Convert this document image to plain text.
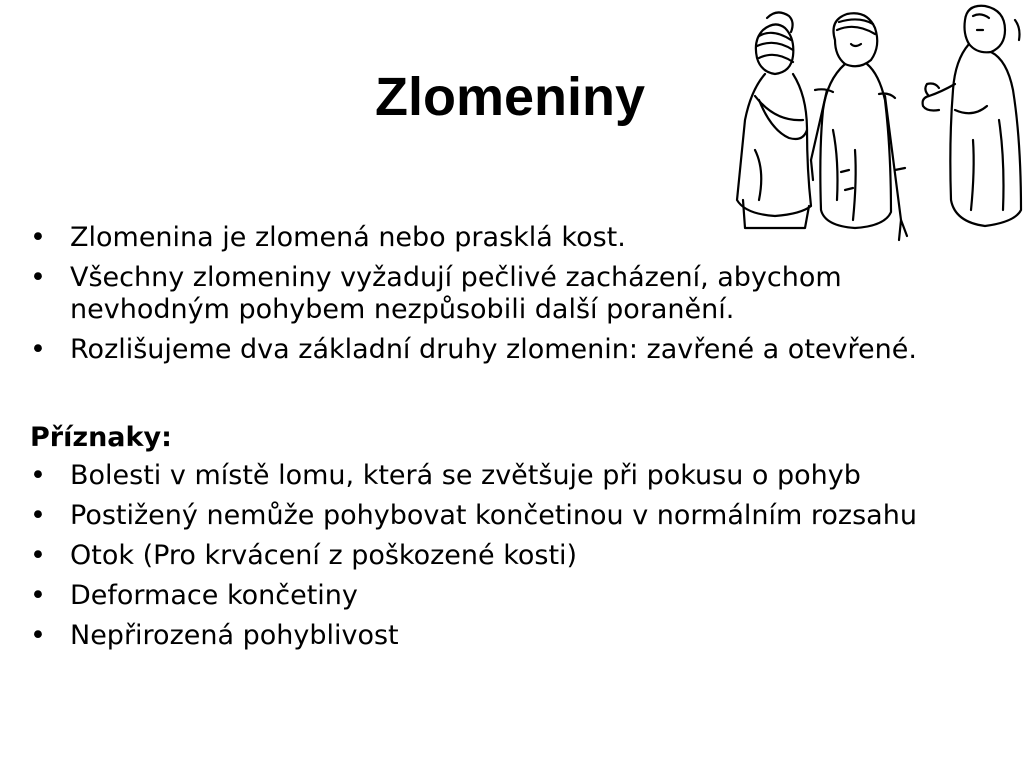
Zlomeniny
• Zlomenina je zlomená nebo prasklá kost.
• Všechny zlomeniny vyžadují pečlivé zacházení, abychom nevhodným pohybem nezpůsobili další poranění.
• Rozlišujeme dva základní druhy zlomenin: zavřené a otevřené.
Příznaky:
• Bolesti v místě lomu, která se zvětšuje při pokusu o pohyb
• Postižený nemůže pohybovat končetinou v normálním rozsahu
• Otok (Pro krvácení z poškozené kosti)
• Deformace končetiny
• Nepřirozená pohyblivost
